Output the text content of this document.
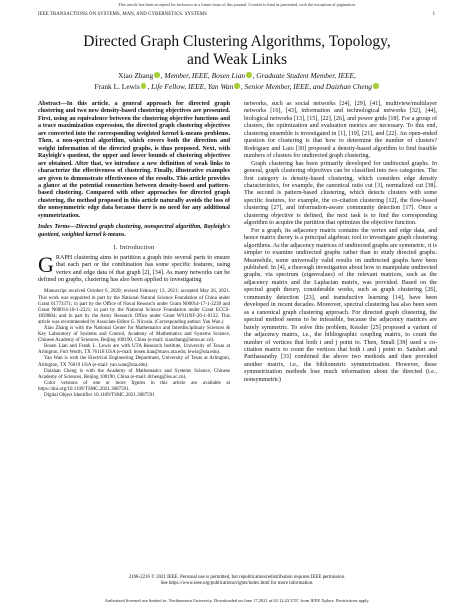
This article has been accepted for inclusion in a future issue of this journal. Content is final as presented, with the exception of pagination.
IEEE TRANSACTIONS ON SYSTEMS, MAN, AND CYBERNETICS: SYSTEMS	1
Directed Graph Clustering Algorithms, Topology,
and Weak Links
Xiao Zhang , Member, IEEE, Bosen Lian , Graduate Student Member, IEEE,
Frank L. Lewis , Life Fellow, IEEE, Yan Wan , Senior Member, IEEE, and Daizhan Cheng

Abstract—In this article, a general approach for directed graph clustering and two new density-based clustering objectives are presented. First, using an equivalence between the clustering objective functions and a trace maximization expression, the directed graph clustering objectives are converted into the corresponding weighted kernel k-means problems. Then, a non-spectral algorithm, which covers both the direction and weight information of the directed graphs, is thus proposed. Next, with Rayleigh's quotient, the upper and lower bounds of clustering objectives are obtained. After that, we introduce a new definition of weak links to characterize the effectiveness of clustering. Finally, illustrative examples are given to demonstrate effectiveness of the results. This article provides a glance at the potential connection between density-based and pattern-based clustering. Compared with other approaches for directed graph clustering, the method proposed in this article naturally avoids the loss of the nonsymmetric edge data because there is no need for any additional symmetrization.

Index Terms—Directed graph clustering, nonspectral algorithm, Rayleigh's quotient, weighted kernel k-means.

I. Introduction

GRAPH clustering aims to partition a graph into several parts to ensure that each part or the combination has some specific features, using vertex and edge data of that graph [2], [34]. As many networks can be defined on graphs, clustering has also been applied to investigating

Manuscript received October 6, 2020; revised February 13, 2021; accepted May 26, 2021. This work was supported in part by the National Natural Science Foundation of China under Grant 61773371; in part by the Office of Naval Research under Grant N00014-17-1-2239 and Grant N00014-18-1-2221; in part by the National Science Foundation under Grant ECCS-1839804; and in part by the Army Research Office under Grant W911NF-20-1-0132. This article was recommended by Associate Editor G. Nicosia. (Corresponding author: Yan Wan.)

Xiao Zhang is with the National Center for Mathematics and Interdisciplinary Sciences & Key Laboratory of Systems and Control, Academy of Mathematics and Systems Science, Chinese Academy of Sciences, Beijing 100190, China (e-mail: xiaozhang@amss.ac.cn).

Bosen Lian and Frank L. Lewis are with UTA Research Institute, University of Texas at Arlington, Fort Worth, TX 76118 USA (e-mail: bosen.lian@mavs.uta.edu; lewis@uta.edu).

Yan Wan is with the Electrical Engineering Department, University of Texas at Arlington, Arlington, TX 76019 USA (e-mail: yan.wan@uta.edu).

Daizhan Cheng is with the Academy of Mathematics and Systems Science, Chinese Academy of Sciences, Beijing 100190, China (e-mail: dcheng@iss.ac.cn).

Color versions of one or more figures in this article are available at https://doi.org/10.1109/TSMC.2021.3087591.

Digital Object Identifier 10.1109/TSMC.2021.3087591

networks, such as social networks [24], [29], [41], multiview/multilayer networks [16], [43], information and technological networks [32], [44], biological networks [13], [15], [22], [26], and power grids [18]. For a group of clusters, the optimization and evaluation metrics are necessary. To this end, clustering ensemble is investigated in [1], [19], [21], and [22]. An open-ended question for clustering is that how to determine the number of clusters? Rodriguez and Laio [30] proposed a density-based algorithm to find feasible numbers of clusters for undirected graph clustering.

Graph clustering has been primarily developed for undirected graphs. In general, graph clustering objectives can be classified into two categories. The first category is density-based clustering, which considers edge density characteristics, for example, the canonical ratio cut [3], normalized cut [38]. The second is pattern-based clustering, which detects clusters with some specific features, for example, the co-citation clustering [12], the flow-based clustering [27], and information-aware community detection [17]. Once a clustering objective is defined, the next task is to find the corresponding algorithm to acquire the partition that optimizes the objective function.

For a graph, its adjacency matrix contains the vertex and edge data, and hence matrix theory is a principal algebraic tool to investigate graph clustering algorithms. As the adjacency matrices of undirected graphs are symmetric, it is simpler to examine undirected graphs rather than to study directed graphs. Meanwhile, some universally valid results on undirected graphs have been published. In [4], a thorough investigation about how to manipulate undirected graphs, via spectrum (eigenvalues) of the relevant matrices, such as the adjacency matrix and the Laplacian matrix, was provided. Based on the spectral graph theory, considerable works, such as graph clustering [26], community detection [23], and transductive learning [14], have been developed in recent decades. Moreover, spectral clustering has also been seen as a canonical graph clustering approach. For directed graph clustering, the spectral method seems to be infeasible, because the adjacency matrices are barely symmetric. To solve this problem, Kessler [25] proposed a variant of the adjacency matrix, i.e., the bibliographic coupling matrix, to count the number of vertices that both i and j point to. Then, Small [39] used a co-citation matrix to count the vertices that both i and j point to. Satuluri and Parthasarathy [33] combined the above two methods and then provided another matrix, i.e., the bibliometric symmetrization. However, these symmetrization methods lose much information about the directed (i.e., nonsymmetric)

2168-2216 © 2021 IEEE. Personal use is permitted, but republication/redistribution requires IEEE permission.
See https://www.ieee.org/publications/rights/index.html for more information.
Authorized licensed use limited to: Northeastern University. Downloaded on June 17,2021 at 02:12:23 UTC from IEEE Xplore. Restrictions apply.
